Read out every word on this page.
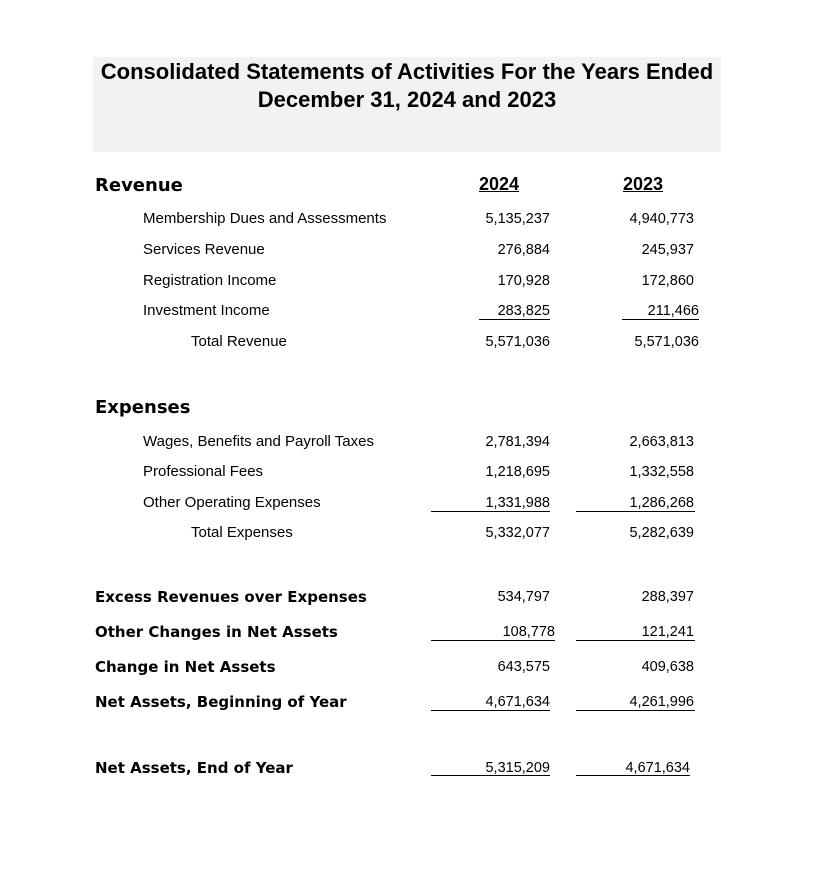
Consolidated Statements of Activities For the Years Ended December 31, 2024 and 2023
Revenue	2024	2023
Membership Dues and Assessments	5,135,237	4,940,773
Services Revenue	276,884	245,937
Registration Income	170,928	172,860
Investment Income	283,825	211,466
Total Revenue	5,571,036	5,571,036
Expenses
Wages, Benefits and Payroll Taxes	2,781,394	2,663,813
Professional Fees	1,218,695	1,332,558
Other Operating Expenses	1,331,988	1,286,268
Total Expenses	5,332,077	5,282,639
Excess Revenues over Expenses	534,797	288,397
Other Changes in Net Assets	108,778	121,241
Change in Net Assets	643,575	409,638
Net Assets, Beginning of Year	4,671,634	4,261,996
Net Assets, End of Year	5,315,209	4,671,634
